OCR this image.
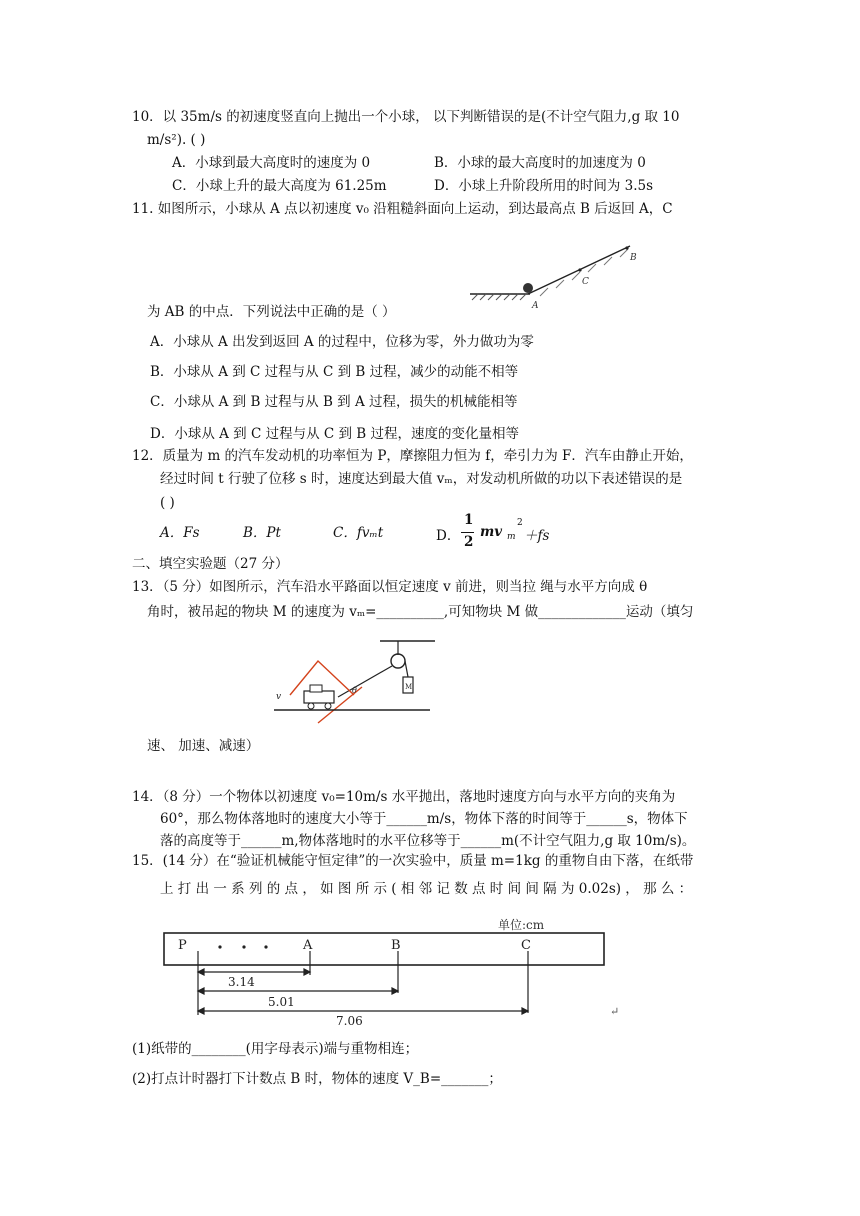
10．以 35m/s 的初速度竖直向上抛出一个小球， 以下判断错误的是(不计空气阻力,g 取 10
m/s²). ( )
A．小球到最大高度时的速度为 0	B．小球的最大高度时的加速度为 0
C．小球上升的最大高度为 61.25m	D．小球上升阶段所用的时间为 3.5s
11. 如图所示，小球从 A 点以初速度 v₀ 沿粗糙斜面向上运动，到达最高点 B 后返回 A，C
A
C
B
为 AB 的中点．下列说法中正确的是（ ）
A．小球从 A 出发到返回 A 的过程中，位移为零，外力做功为零
B．小球从 A 到 C 过程与从 C 到 B 过程，减少的动能不相等
C．小球从 A 到 B 过程与从 B 到 A 过程，损失的机械能相等
D．小球从 A 到 C 过程与从 C 到 B 过程，速度的变化量相等
12．质量为 m 的汽车发动机的功率恒为 P，摩擦阻力恒为 f，牵引力为 F．汽车由静止开始，
经过时间 t 行驶了位移 s 时，速度达到最大值 vₘ，对发动机所做的功以下表述错误的是
( )
A．Fs	B．Pt	C．fvₘt	D．
1
2
mv m
2
＋fs
二、填空实验题（27 分）
13．（5 分）如图所示，汽车沿水平路面以恒定速度 v 前进，则当拉 绳与水平方向成 θ
角时，被吊起的物块 M 的速度为 vₘ=__________,可知物块 M 做_____________运动（填匀
M
v
θ
速、 加速、减速）
14．（8 分）一个物体以初速度 v₀=10m/s 水平抛出，落地时速度方向与水平方向的夹角为
60°，那么物体落地时的速度大小等于______m/s，物体下落的时间等于______s，物体下
落的高度等于______m,物体落地时的水平位移等于______m(不计空气阻力,g 取 10m/s)。
15．(14 分）在“验证机械能守恒定律”的一次实验中，质量 m=1kg 的重物自由下落，在纸带
上 打 出 一 系 列 的 点 ， 如 图 所 示 ( 相 邻 记 数 点 时 间 间 隔 为 0.02s) ， 那 么 ：
单位:cm
P	A	B	C
3.14
5.01
7.06
↵
(1)纸带的________(用字母表示)端与重物相连；
(2)打点计时器打下计数点 B 时，物体的速度 V_B=_______；
